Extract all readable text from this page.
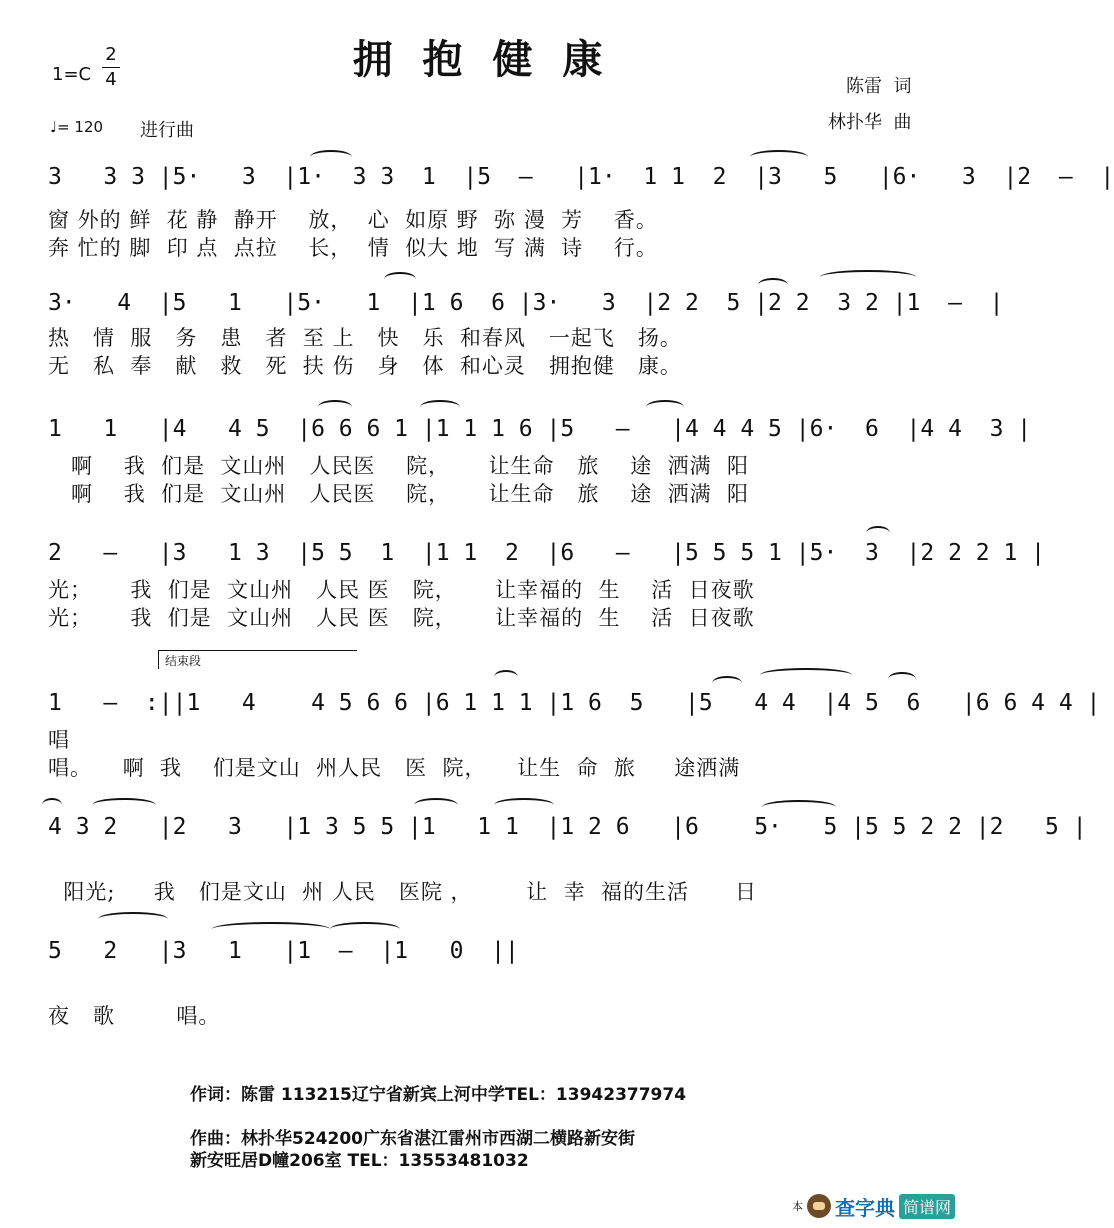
拥 抱 健 康
1=C
2
4
♩= 120 进行曲
陈雷  词
林扑华  曲
3   3 3 |5·   3  |1·  3 3  1  |5  –   |1·  1 1  2  |3   5   |6·   3  |2  –  |
窗 外的 鲜  花 静  静开    放，  心  如原 野  弥 漫  芳    香。
奔 忙的 脚  印 点  点拉    长，  情  似大 地  写 满  诗    行。
3·   4  |5   1   |5·   1  |1 6  6 |3·   3  |2 2  5 |2 2  3 2 |1  –  |
热   情  服   务   患   者  至 上   快   乐  和春风   一起飞   扬。
无   私  奉   献   救   死  扶 伤   身   体  和心灵   拥抱健   康。
1   1   |4   4 5  |6 6 6 1 |1 1 1 6 |5   –   |4 4 4 5 |6·  6  |4 4  3 |
啊    我  们是  文山州   人民医    院，     让生命   旅    途  洒满  阳
啊    我  们是  文山州   人民医    院，     让生命   旅    途  洒满  阳
2   –   |3   1 3  |5 5  1  |1 1  2  |6   –   |5 5 5 1 |5·  3  |2 2 2 1 |
光；     我  们是  文山州   人民 医   院，     让幸福的  生    活  日夜歌
光；     我  们是  文山州   人民 医   院，     让幸福的  生    活  日夜歌
结束段
1   –  :||1   4    4 5 6 6 |6 1 1 1 |1 6  5   |5   4 4  |4 5  6   |6 6 4 4 |
唱
唱。    啊  我    们是文山  州人民   医  院，    让生  命  旅     途洒满
4 3 2   |2   3   |1 3 5 5 |1   1 1  |1 2 6   |6    5·   5 |5 5 2 2 |2   5 |
阳光;     我   们是文山  州 人民   医院 ，       让  幸  福的生活      日
5   2   |3   1   |1  –  |1   0  ||
夜   歌        唱。
作词：陈雷 113215辽宁省新宾上河中学TEL：13942377974
作曲：林扑华524200广东省湛江雷州市西湖二横路新安街
新安旺居D幢206室 TEL：13553481032
本 查字典 简谱网
